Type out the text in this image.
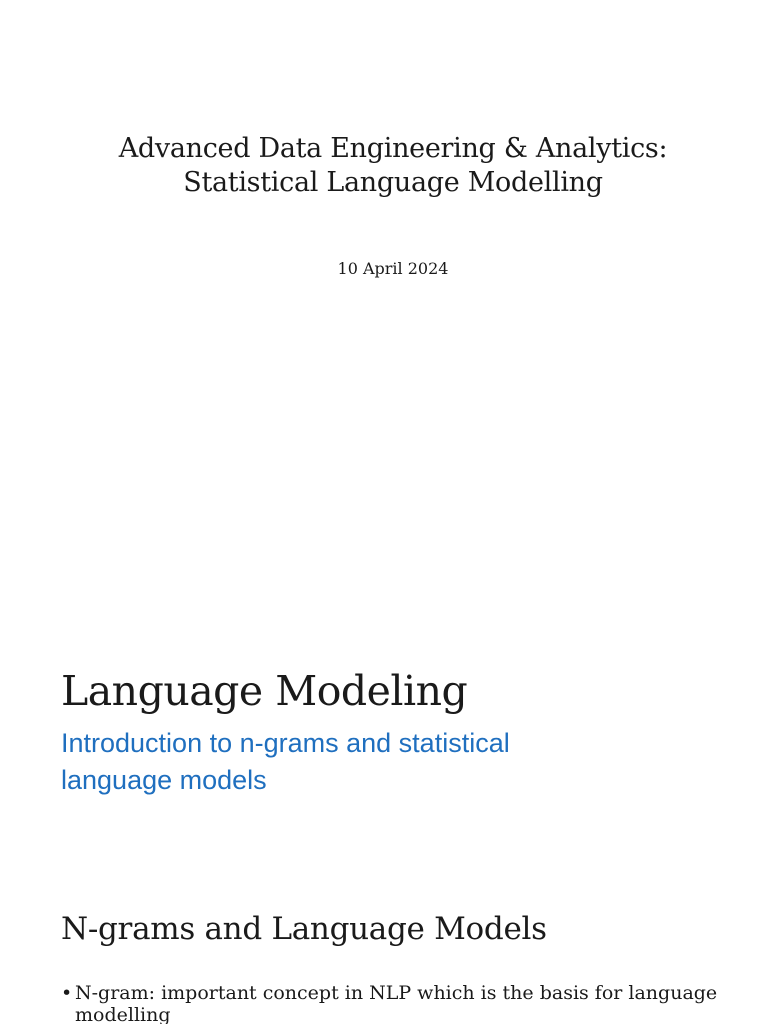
Advanced Data Engineering & Analytics:
Statistical Language Modelling
10 April 2024
Language Modeling
Introduction to n-grams and statistical
language models
N-grams and Language Models
• N-gram: important concept in NLP which is the basis for language
modelling
